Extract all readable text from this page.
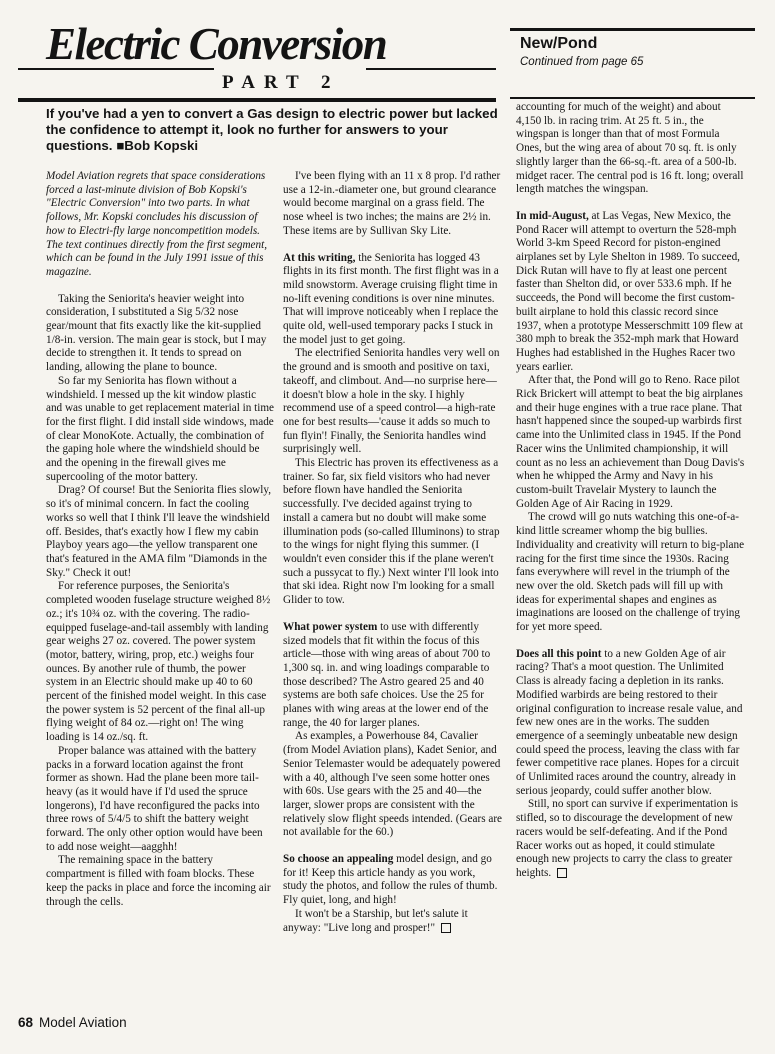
Electric Conversion
PART 2
New/Pond
Continued from page 65
If you've had a yen to convert a Gas design to electric power but lacked the confidence to attempt it, look no further for answers to your questions. ■Bob Kopski

Model Aviation regrets that space considerations forced a last-minute division of Bob Kopski's "Electric Conversion" into two parts. In what follows, Mr. Kopski concludes his discussion of how to Electri-fly large noncompetition models. The text continues directly from the first segment, which can be found in the July 1991 issue of this magazine.

Taking the Seniorita's heavier weight into consideration, I substituted a Sig 5/32 nose gear/mount that fits exactly like the kit-supplied 1/8-in. version. The main gear is stock, but I may decide to strengthen it. It tends to spread on landing, allowing the plane to bounce.

So far my Seniorita has flown without a windshield. I messed up the kit window plastic and was unable to get replacement material in time for the first flight. I did install side windows, made of clear MonoKote. Actually, the combination of the gaping hole where the windshield should be and the opening in the firewall gives me supercooling of the motor battery.

Drag? Of course! But the Seniorita flies slowly, so it's of minimal concern. In fact the cooling works so well that I think I'll leave the windshield off. Besides, that's exactly how I flew my cabin Playboy years ago—the yellow transparent one that's featured in the AMA film "Diamonds in the Sky." Check it out!

For reference purposes, the Seniorita's completed wooden fuselage structure weighed 8½ oz.; it's 10¾ oz. with the covering. The radio-equipped fuselage-and-tail assembly with landing gear weighs 27 oz. covered. The power system (motor, battery, wiring, prop, etc.) weighs four ounces. By another rule of thumb, the power system in an Electric should make up 40 to 60 percent of the finished model weight. In this case the power system is 52 percent of the final all-up flying weight of 84 oz.—right on! The wing loading is 14 oz./sq. ft.

Proper balance was attained with the battery packs in a forward location against the front former as shown. Had the plane been more tail-heavy (as it would have if I'd used the spruce longerons), I'd have reconfigured the packs into three rows of 5/4/5 to shift the battery weight forward. The only other option would have been to add nose weight—aagghh!

The remaining space in the battery compartment is filled with foam blocks. These keep the packs in place and force the incoming air through the cells.

I've been flying with an 11 x 8 prop. I'd rather use a 12-in.-diameter one, but ground clearance would become marginal on a grass field. The nose wheel is two inches; the mains are 2½ in. These items are by Sullivan Sky Lite.

At this writing, the Seniorita has logged 43 flights in its first month. The first flight was in a mild snowstorm. Average cruising flight time in no-lift evening conditions is over nine minutes. That will improve noticeably when I replace the quite old, well-used temporary packs I stuck in the model just to get going.

The electrified Seniorita handles very well on the ground and is smooth and positive on taxi, takeoff, and climbout. And—no surprise here—it doesn't blow a hole in the sky. I highly recommend use of a speed control—a high-rate one for best results—'cause it adds so much to fun flyin'! Finally, the Seniorita handles wind surprisingly well.

This Electric has proven its effectiveness as a trainer. So far, six field visitors who had never before flown have handled the Seniorita successfully. I've decided against trying to install a camera but no doubt will make some illumination pods (so-called Illuminons) to strap to the wings for night flying this summer. (I wouldn't even consider this if the plane weren't such a pussycat to fly.) Next winter I'll look into that ski idea. Right now I'm looking for a small Glider to tow.

What power system to use with differently sized models that fit within the focus of this article—those with wing areas of about 700 to 1,300 sq. in. and wing loadings comparable to those described? The Astro geared 25 and 40 systems are both safe choices. Use the 25 for planes with wing areas at the lower end of the range, the 40 for larger planes.

As examples, a Powerhouse 84, Cavalier (from Model Aviation plans), Kadet Senior, and Senior Telemaster would be adequately powered with a 40, although I've seen some hotter ones with 60s. Use gears with the 25 and 40—the larger, slower props are consistent with the relatively slow flight speeds intended. (Gears are not available for the 60.)

So choose an appealing model design, and go for it! Keep this article handy as you work, study the photos, and follow the rules of thumb. Fly quiet, long, and high!

It won't be a Starship, but let's salute it anyway: "Live long and prosper!"

accounting for much of the weight) and about 4,150 lb. in racing trim. At 25 ft. 5 in., the wingspan is longer than that of most Formula Ones, but the wing area of about 70 sq. ft. is only slightly larger than the 66-sq.-ft. area of a 500-lb. midget racer. The central pod is 16 ft. long; overall length matches the wingspan.

In mid-August, at Las Vegas, New Mexico, the Pond Racer will attempt to overturn the 528-mph World 3-km Speed Record for piston-engined airplanes set by Lyle Shelton in 1989. To succeed, Dick Rutan will have to fly at least one percent faster than Shelton did, or over 533.6 mph. If he succeeds, the Pond will become the first custom-built airplane to hold this classic record since 1937, when a prototype Messerschmitt 109 flew at 380 mph to break the 352-mph mark that Howard Hughes had established in the Hughes Racer two years earlier.

After that, the Pond will go to Reno. Race pilot Rick Brickert will attempt to beat the big airplanes and their huge engines with a true race plane. That hasn't happened since the souped-up warbirds first came into the Unlimited class in 1945. If the Pond Racer wins the Unlimited championship, it will count as no less an achievement than Doug Davis's when he whipped the Army and Navy in his custom-built Travelair Mystery to launch the Golden Age of Air Racing in 1929.

The crowd will go nuts watching this one-of-a-kind little screamer whomp the big bullies. Individuality and creativity will return to big-plane racing for the first time since the 1930s. Racing fans everywhere will revel in the triumph of the new over the old. Sketch pads will fill up with ideas for experimental shapes and engines as imaginations are loosed on the challenge of trying for yet more speed.

Does all this point to a new Golden Age of air racing? That's a moot question. The Unlimited Class is already facing a depletion in its ranks. Modified warbirds are being restored to their original configuration to increase resale value, and few new ones are in the works. The sudden emergence of a seemingly unbeatable new design could speed the process, leaving the class with far fewer competitive race planes. Hopes for a circuit of Unlimited races around the country, already in serious jeopardy, could suffer another blow.

Still, no sport can survive if experimentation is stifled, so to discourage the development of new racers would be self-defeating. And if the Pond Racer works out as hoped, it could stimulate enough new projects to carry the class to greater heights.

68 Model Aviation
